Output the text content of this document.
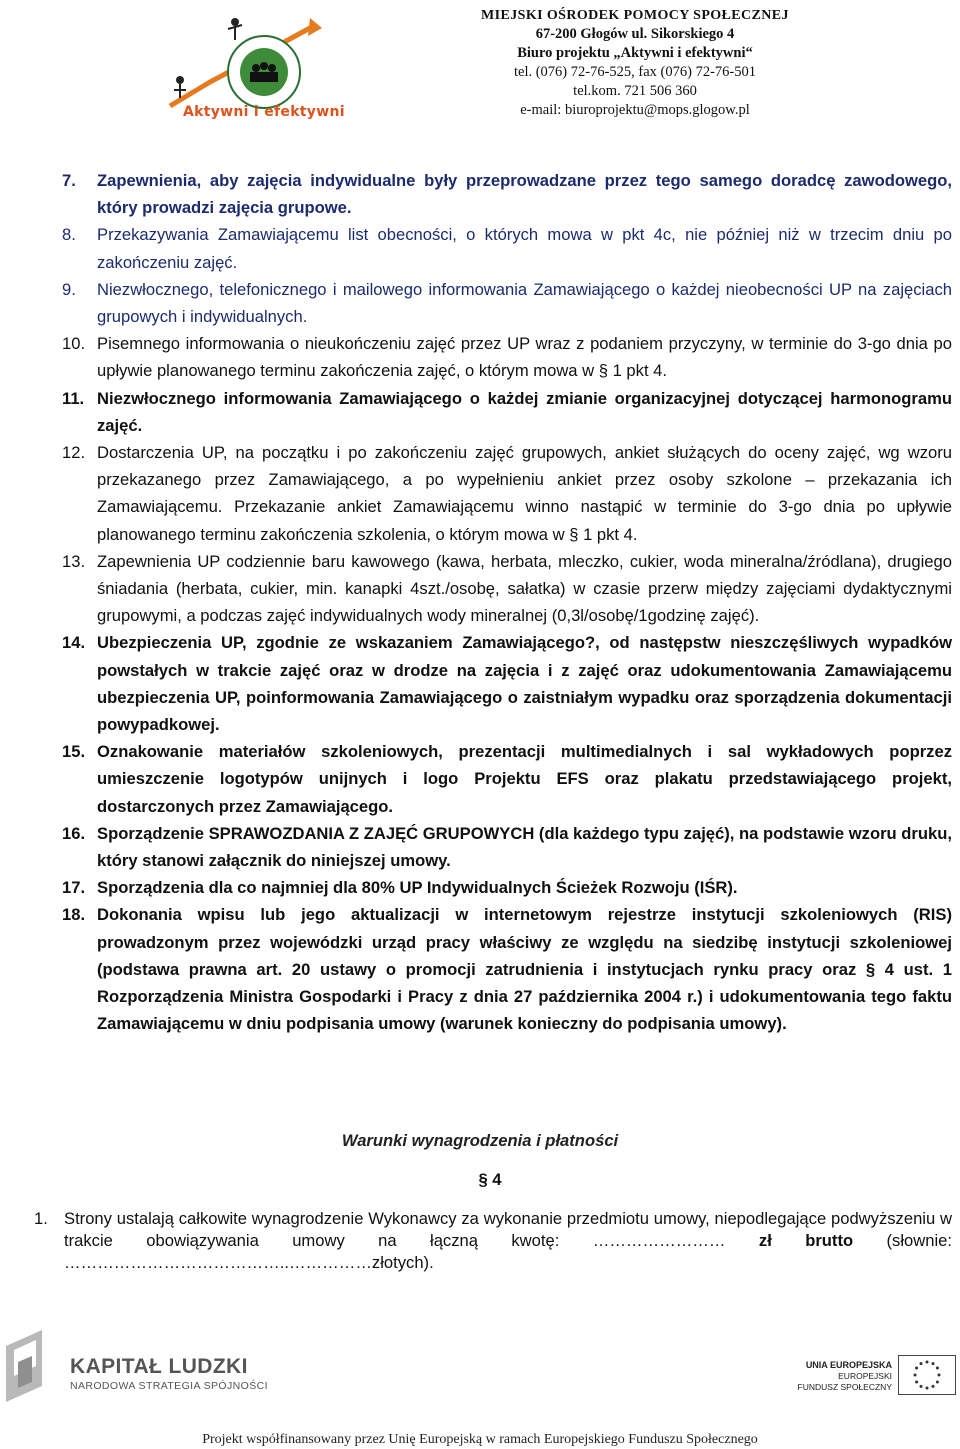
Aktywni i efektywni
MIEJSKI OŚRODEK POMOCY SPOŁECZNEJ
67-200 Głogów ul. Sikorskiego 4
Biuro projektu „Aktywni i efektywni“
tel. (076) 72-76-525, fax (076) 72-76-501
tel.kom. 721 506 360
e-mail: biuroprojektu@mops.glogow.pl
7. Zapewnienia, aby zajęcia indywidualne były przeprowadzane przez tego samego doradcę zawodowego, który prowadzi zajęcia grupowe.
8. Przekazywania Zamawiającemu list obecności, o których mowa w pkt 4c, nie później niż w trzecim dniu po zakończeniu zajęć.
9. Niezwłocznego, telefonicznego i mailowego informowania Zamawiającego o każdej nieobecności UP na zajęciach grupowych i indywidualnych.
10. Pisemnego informowania o nieukończeniu zajęć przez UP wraz z podaniem przyczyny, w terminie do 3-go dnia po upływie planowanego terminu zakończenia zajęć, o którym mowa w § 1 pkt 4.
11. Niezwłocznego informowania Zamawiającego o każdej zmianie organizacyjnej dotyczącej harmonogramu zajęć.
12. Dostarczenia UP, na początku i po zakończeniu zajęć grupowych, ankiet służących do oceny zajęć, wg wzoru przekazanego przez Zamawiającego, a po wypełnieniu ankiet przez osoby szkolone – przekazania ich Zamawiającemu. Przekazanie ankiet Zamawiającemu winno nastąpić w terminie do 3-go dnia po upływie planowanego terminu zakończenia szkolenia, o którym mowa w § 1 pkt 4.
13. Zapewnienia UP codziennie baru kawowego (kawa, herbata, mleczko, cukier, woda mineralna/źródlana), drugiego śniadania (herbata, cukier, min. kanapki 4szt./osobę, sałatka) w czasie przerw między zajęciami dydaktycznymi grupowymi, a podczas zajęć indywidualnych wody mineralnej (0,3l/osobę/1godzinę zajęć).
14. Ubezpieczenia UP, zgodnie ze wskazaniem Zamawiającego?, od następstw nieszczęśliwych wypadków powstałych w trakcie zajęć oraz w drodze na zajęcia i z zajęć oraz udokumentowania Zamawiającemu ubezpieczenia UP, poinformowania Zamawiającego o zaistniałym wypadku oraz sporządzenia dokumentacji powypadkowej.
15. Oznakowanie materiałów szkoleniowych, prezentacji multimedialnych i sal wykładowych poprzez umieszczenie logotypów unijnych i logo Projektu EFS oraz plakatu przedstawiającego projekt, dostarczonych przez Zamawiającego.
16. Sporządzenie SPRAWOZDANIA Z ZAJĘĆ GRUPOWYCH (dla każdego typu zajęć), na podstawie wzoru druku, który stanowi załącznik do niniejszej umowy.
17. Sporządzenia dla co najmniej dla 80% UP Indywidualnych Ścieżek Rozwoju (IŚR).
18. Dokonania wpisu lub jego aktualizacji w internetowym rejestrze instytucji szkoleniowych (RIS) prowadzonym przez wojewódzki urząd pracy właściwy ze względu na siedzibę instytucji szkoleniowej (podstawa prawna art. 20 ustawy o promocji zatrudnienia i instytucjach rynku pracy oraz § 4 ust. 1 Rozporządzenia Ministra Gospodarki i Pracy z dnia 27 października 2004 r.) i udokumentowania tego faktu Zamawiającemu w dniu podpisania umowy (warunek konieczny do podpisania umowy).
Warunki wynagrodzenia i płatności
§ 4
1. Strony ustalają całkowite wynagrodzenie Wykonawcy za wykonanie przedmiotu umowy, niepodlegające podwyższeniu w trakcie obowiązywania umowy na łączną kwotę: …………………… zł brutto (słownie: …………………………………..……………złotych).
KAPITAŁ LUDZKI
NARODOWA STRATEGIA SPÓJNOŚCI
UNIA EUROPEJSKA
EUROPEJSKI
FUNDUSZ SPOŁECZNY
Projekt współfinansowany przez Unię Europejską w ramach Europejskiego Funduszu Społecznego
